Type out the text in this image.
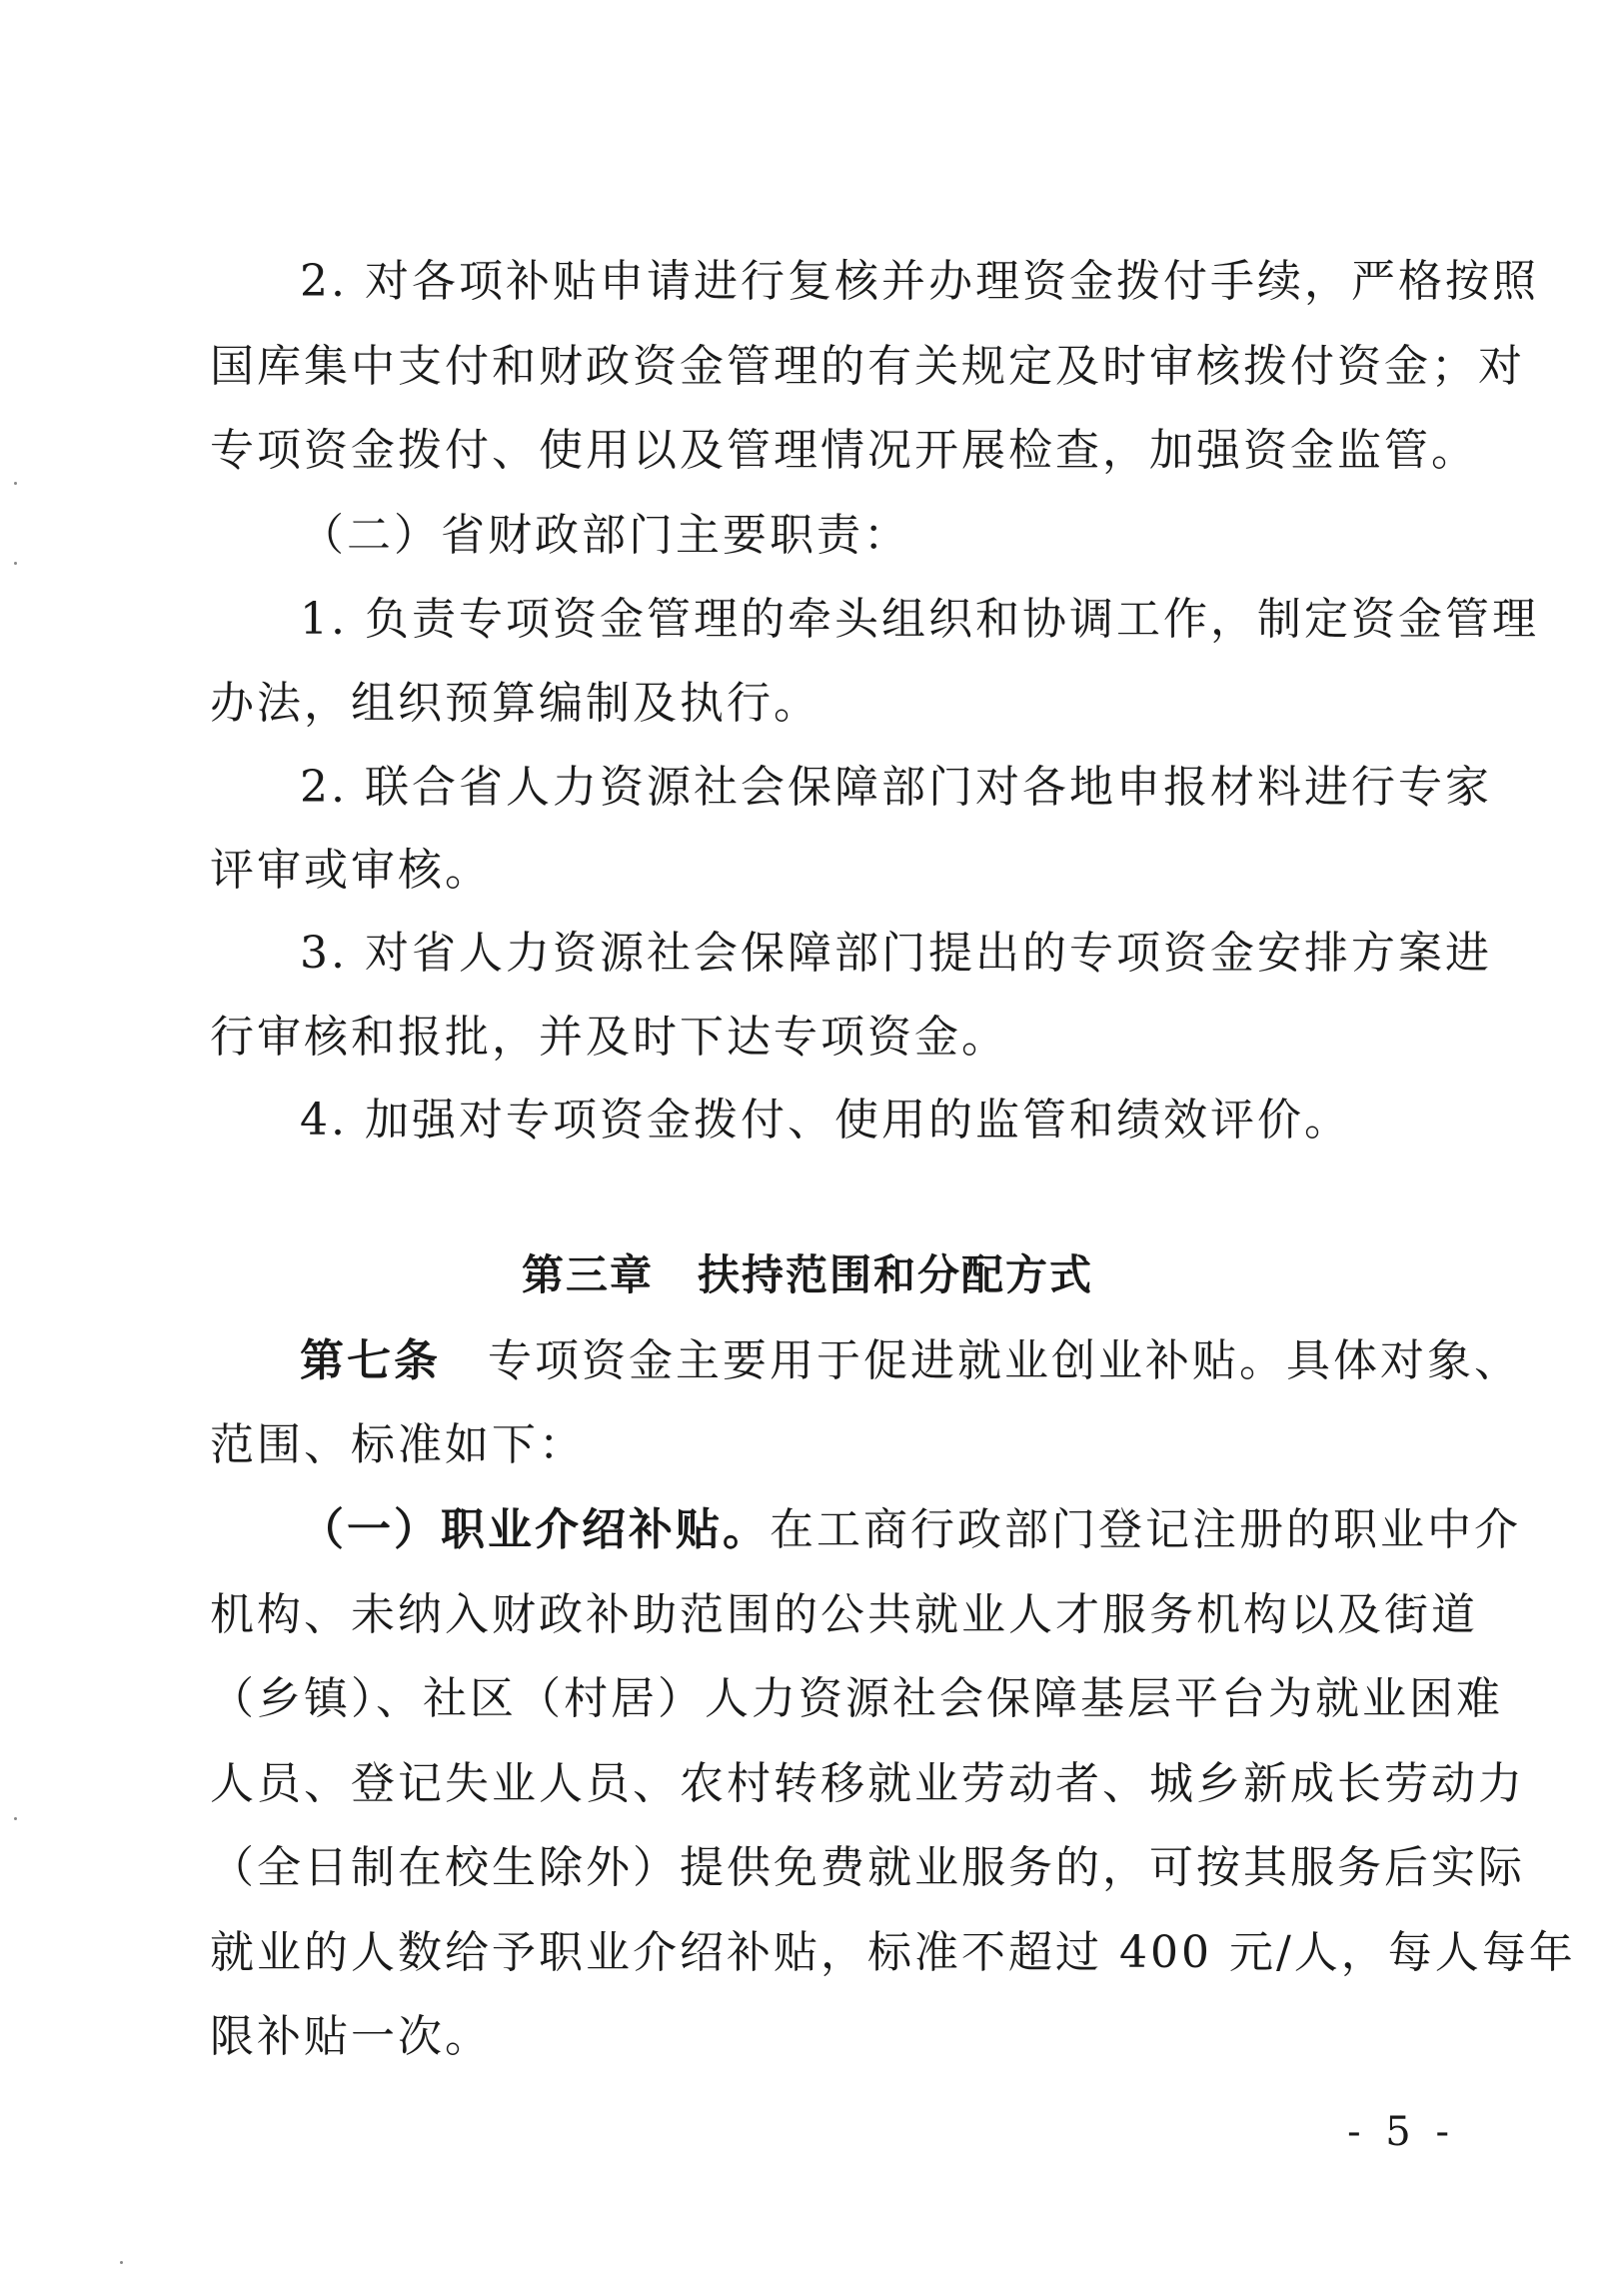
2. 对各项补贴申请进行复核并办理资金拨付手续，严格按照
国库集中支付和财政资金管理的有关规定及时审核拨付资金；对
专项资金拨付、使用以及管理情况开展检查，加强资金监管。
（二）省财政部门主要职责：
1. 负责专项资金管理的牵头组织和协调工作，制定资金管理
办法，组织预算编制及执行。
2. 联合省人力资源社会保障部门对各地申报材料进行专家
评审或审核。
3. 对省人力资源社会保障部门提出的专项资金安排方案进
行审核和报批，并及时下达专项资金。
4. 加强对专项资金拨付、使用的监管和绩效评价。
第三章　扶持范围和分配方式
第七条　 专项资金主要用于促进就业创业补贴。具体对象、
范围、标准如下：
（一）职业介绍补贴。在工商行政部门登记注册的职业中介
机构、未纳入财政补助范围的公共就业人才服务机构以及街道
（乡镇）、社区（村居）人力资源社会保障基层平台为就业困难
人员、登记失业人员、农村转移就业劳动者、城乡新成长劳动力
（全日制在校生除外）提供免费就业服务的，可按其服务后实际
就业的人数给予职业介绍补贴，标准不超过 400 元/人，每人每年
限补贴一次。
- 5 -
